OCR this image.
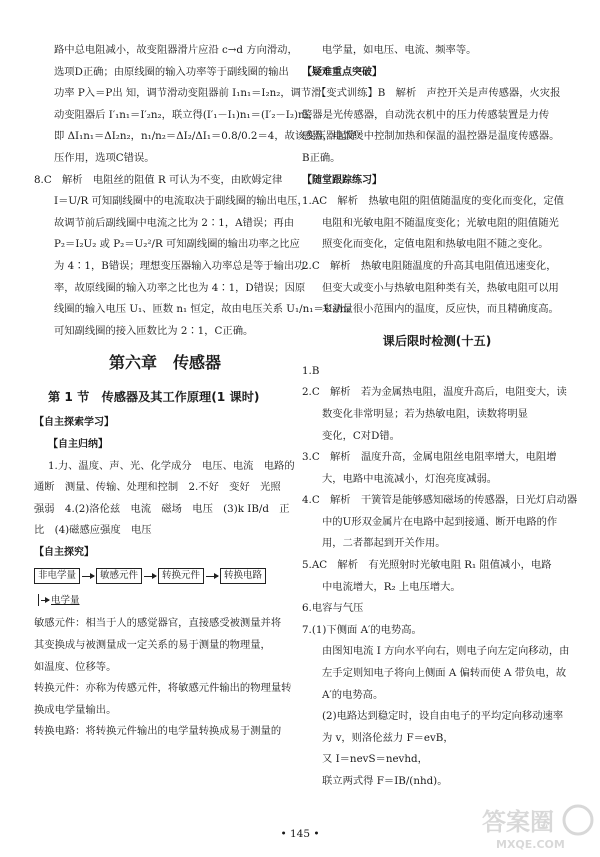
路中总电阻减小，故变阻器滑片应沿 c→d 方向滑动，
选项D正确；由原线圈的输入功率等于副线圈的输出
功率 P入＝P出 知，调节滑动变阻器前 I₁n₁＝I₂n₂，调节滑
动变阻器后 I′₁n₁＝I′₂n₂，联立得(I′₁－I₁)n₁＝(I′₂－I₂)n₂，
即 ΔI₁n₁＝ΔI₂n₂，n₁/n₂＝ΔI₂/ΔI₁＝0.8/0.2＝4，故该变压器起降
压作用，选项C错误。
8.C　解析　电阻丝的阻值 R 可认为不变，由欧姆定律
I＝U/R 可知副线圈中的电流取决于副线圈的输出电压，
故调节前后副线圈中电流之比为 2∶1，A错误；再由
P₂＝I₂U₂ 或 P₂＝U₂²/R 可知副线圈的输出功率之比应
为 4∶1，B错误；理想变压器输入功率总是等于输出功
率，故原线圈的输入功率之比也为 4∶1，D错误；因原
线圈的输入电压 U₁、匝数 n₁ 恒定，故由电压关系 U₁/n₁＝U₂/n₂
可知副线圈的接入匝数比为 2∶1，C正确。
第六章　传感器
第 1 节　传感器及其工作原理(1 课时)
【自主探索学习】
【自主归纳】
1.力、温度、声、光、化学成分　电压、电流　电路的
通断　测量、传输、处理和控制　2.不好　变好　光照
强弱　4.(2)洛伦兹　电流　磁场　电压　(3)k IB/d　正
比　(4)磁感应强度　电压
【自主探究】
非电学量	敏感元件	转换元件	转换电路
电学量
敏感元件：相当于人的感觉器官，直接感受被测量并将
其变换成与被测量成一定关系的易于测量的物理量，
如温度、位移等。
转换元件：亦称为传感元件，将敏感元件输出的物理量转
换成电学量输出。
转换电路：将转换元件输出的电学量转换成易于测量的
电学量，如电压、电流、频率等。
【疑难重点突破】
【变式训练】B　解析　声控开关是声传感器，火灾报
警器是光传感器，自动洗衣机中的压力传感装置是力传
感器，电饭煲中控制加热和保温的温控器是温度传感器。
B正确。
【随堂跟踪练习】
1.AC　解析　热敏电阻的阻值随温度的变化而变化，定值
电阻和光敏电阻不随温度变化；光敏电阻的阻值随光
照变化而变化，定值电阻和热敏电阻不随之变化。
2.C　解析　热敏电阻随温度的升高其电阻值迅速变化，
但变大或变小与热敏电阻种类有关，热敏电阻可以用
来测量很小范围内的温度，反应快，而且精确度高。
课后限时检测(十五)
1.B
2.C　解析　若为金属热电阻，温度升高后，电阻变大，读
数变化非常明显；若为热敏电阻，读数将明显
变化，C对D错。
3.C　解析　温度升高，金属电阻丝电阻率增大，电阻增
大，电路中电流减小，灯泡亮度减弱。
4.C　解析　干簧管是能够感知磁场的传感器，日光灯启动器
中的U形双金属片在电路中起到接通、断开电路的作
用，二者都起到开关作用。
5.AC　解析　有光照射时光敏电阻 R₁ 阻值减小，电路
中电流增大，R₂ 上电压增大。
6.电容与气压
7.(1)下侧面 A′的电势高。
由图知电流 I 方向水平向右，则电子向左定向移动，由
左手定则知电子将向上侧面 A 偏转而使 A 带负电，故
A′的电势高。
(2)电路达到稳定时，设自由电子的平均定向移动速率
为 v，则洛伦兹力 F＝evB，
又 I＝nevS＝nevhd，
联立两式得 F＝IB/(nhd)。
• 145 •	答案圈
MXQE.COM
